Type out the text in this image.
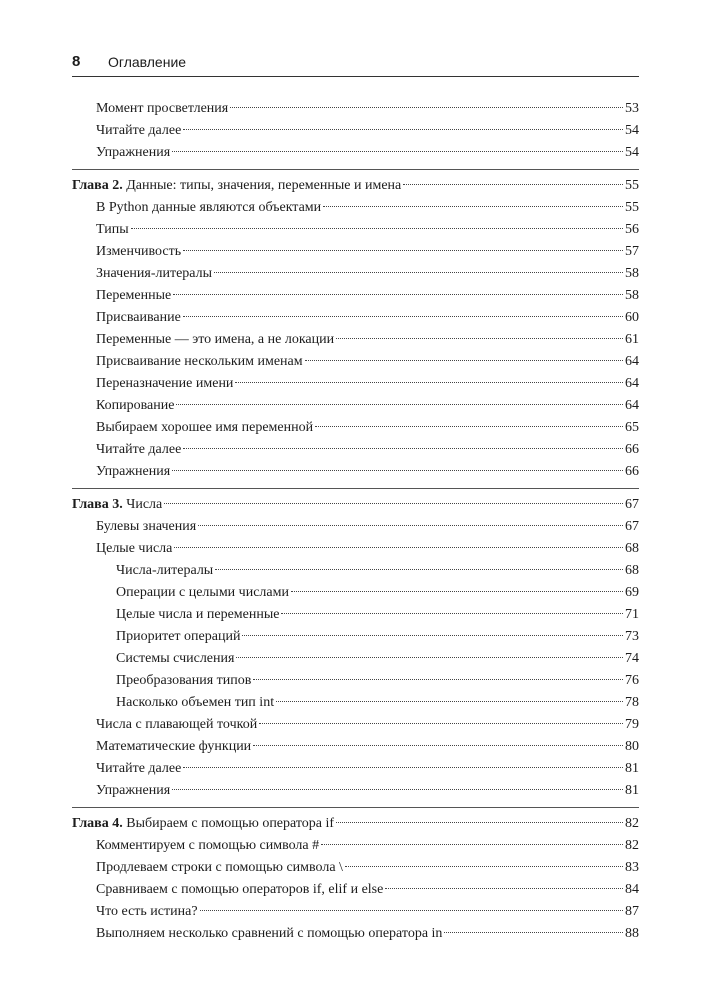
8 Оглавление
Момент просветления	53
Читайте далее	54
Упражнения	54
Глава 2. Данные: типы, значения, переменные и имена	55
В Python данные являются объектами	55
Типы	56
Изменчивость	57
Значения-литералы	58
Переменные	58
Присваивание	60
Переменные — это имена, а не локации	61
Присваивание нескольким именам	64
Переназначение имени	64
Копирование	64
Выбираем хорошее имя переменной	65
Читайте далее	66
Упражнения	66
Глава 3. Числа	67
Булевы значения	67
Целые числа	68
Числа-литералы	68
Операции с целыми числами	69
Целые числа и переменные	71
Приоритет операций	73
Системы счисления	74
Преобразования типов	76
Насколько объемен тип int	78
Числа с плавающей точкой	79
Математические функции	80
Читайте далее	81
Упражнения	81
Глава 4. Выбираем с помощью оператора if	82
Комментируем с помощью символа #	82
Продлеваем строки с помощью символа \	83
Сравниваем с помощью операторов if, elif и else	84
Что есть истина?	87
Выполняем несколько сравнений с помощью оператора in	88
